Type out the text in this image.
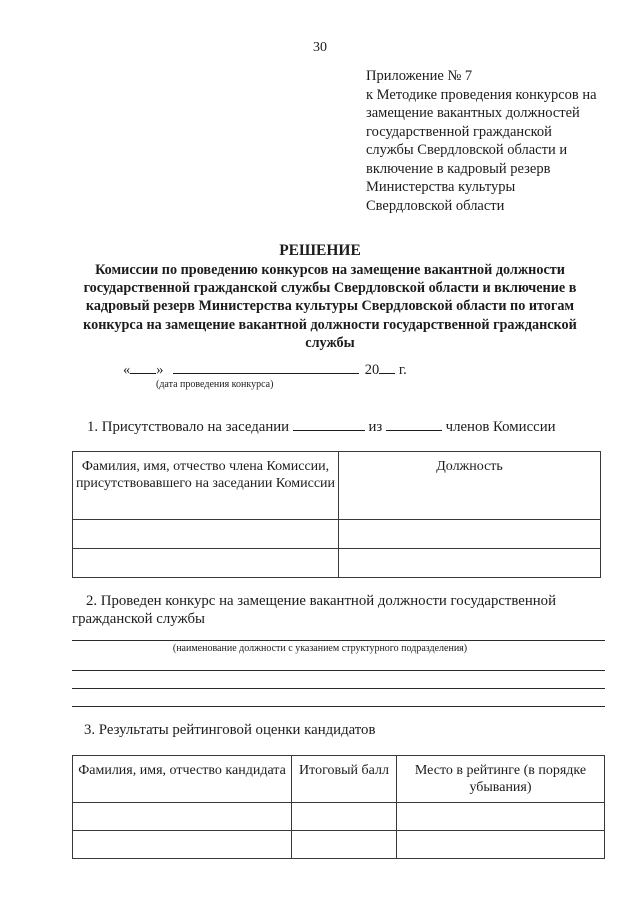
30
Приложение № 7
к Методике проведения конкурсов на
замещение вакантных должностей
государственной гражданской
службы Свердловской области и
включение в кадровый резерв
Министерства культуры
Свердловской области
РЕШЕНИЕ
Комиссии по проведению конкурсов на замещение вакантной должности
государственной гражданской службы Свердловской области и включение в
кадровый резерв Министерства культуры Свердловской области по итогам
конкурса на замещение вакантной должности государственной гражданской
службы
« »	20 г.
(дата проведения конкурса)
1. Присутствовало на заседании	из	членов Комиссии
Фамилия, имя, отчество члена Комиссии, присутствовавшего на заседании Комиссии	Должность

2. Проведен конкурс на замещение вакантной должности государственной
гражданской службы
(наименование должности с указанием структурного подразделения)
3. Результаты рейтинговой оценки кандидатов
Фамилия, имя, отчество кандидата	Итоговый балл	Место в рейтинге (в порядке убывания)
